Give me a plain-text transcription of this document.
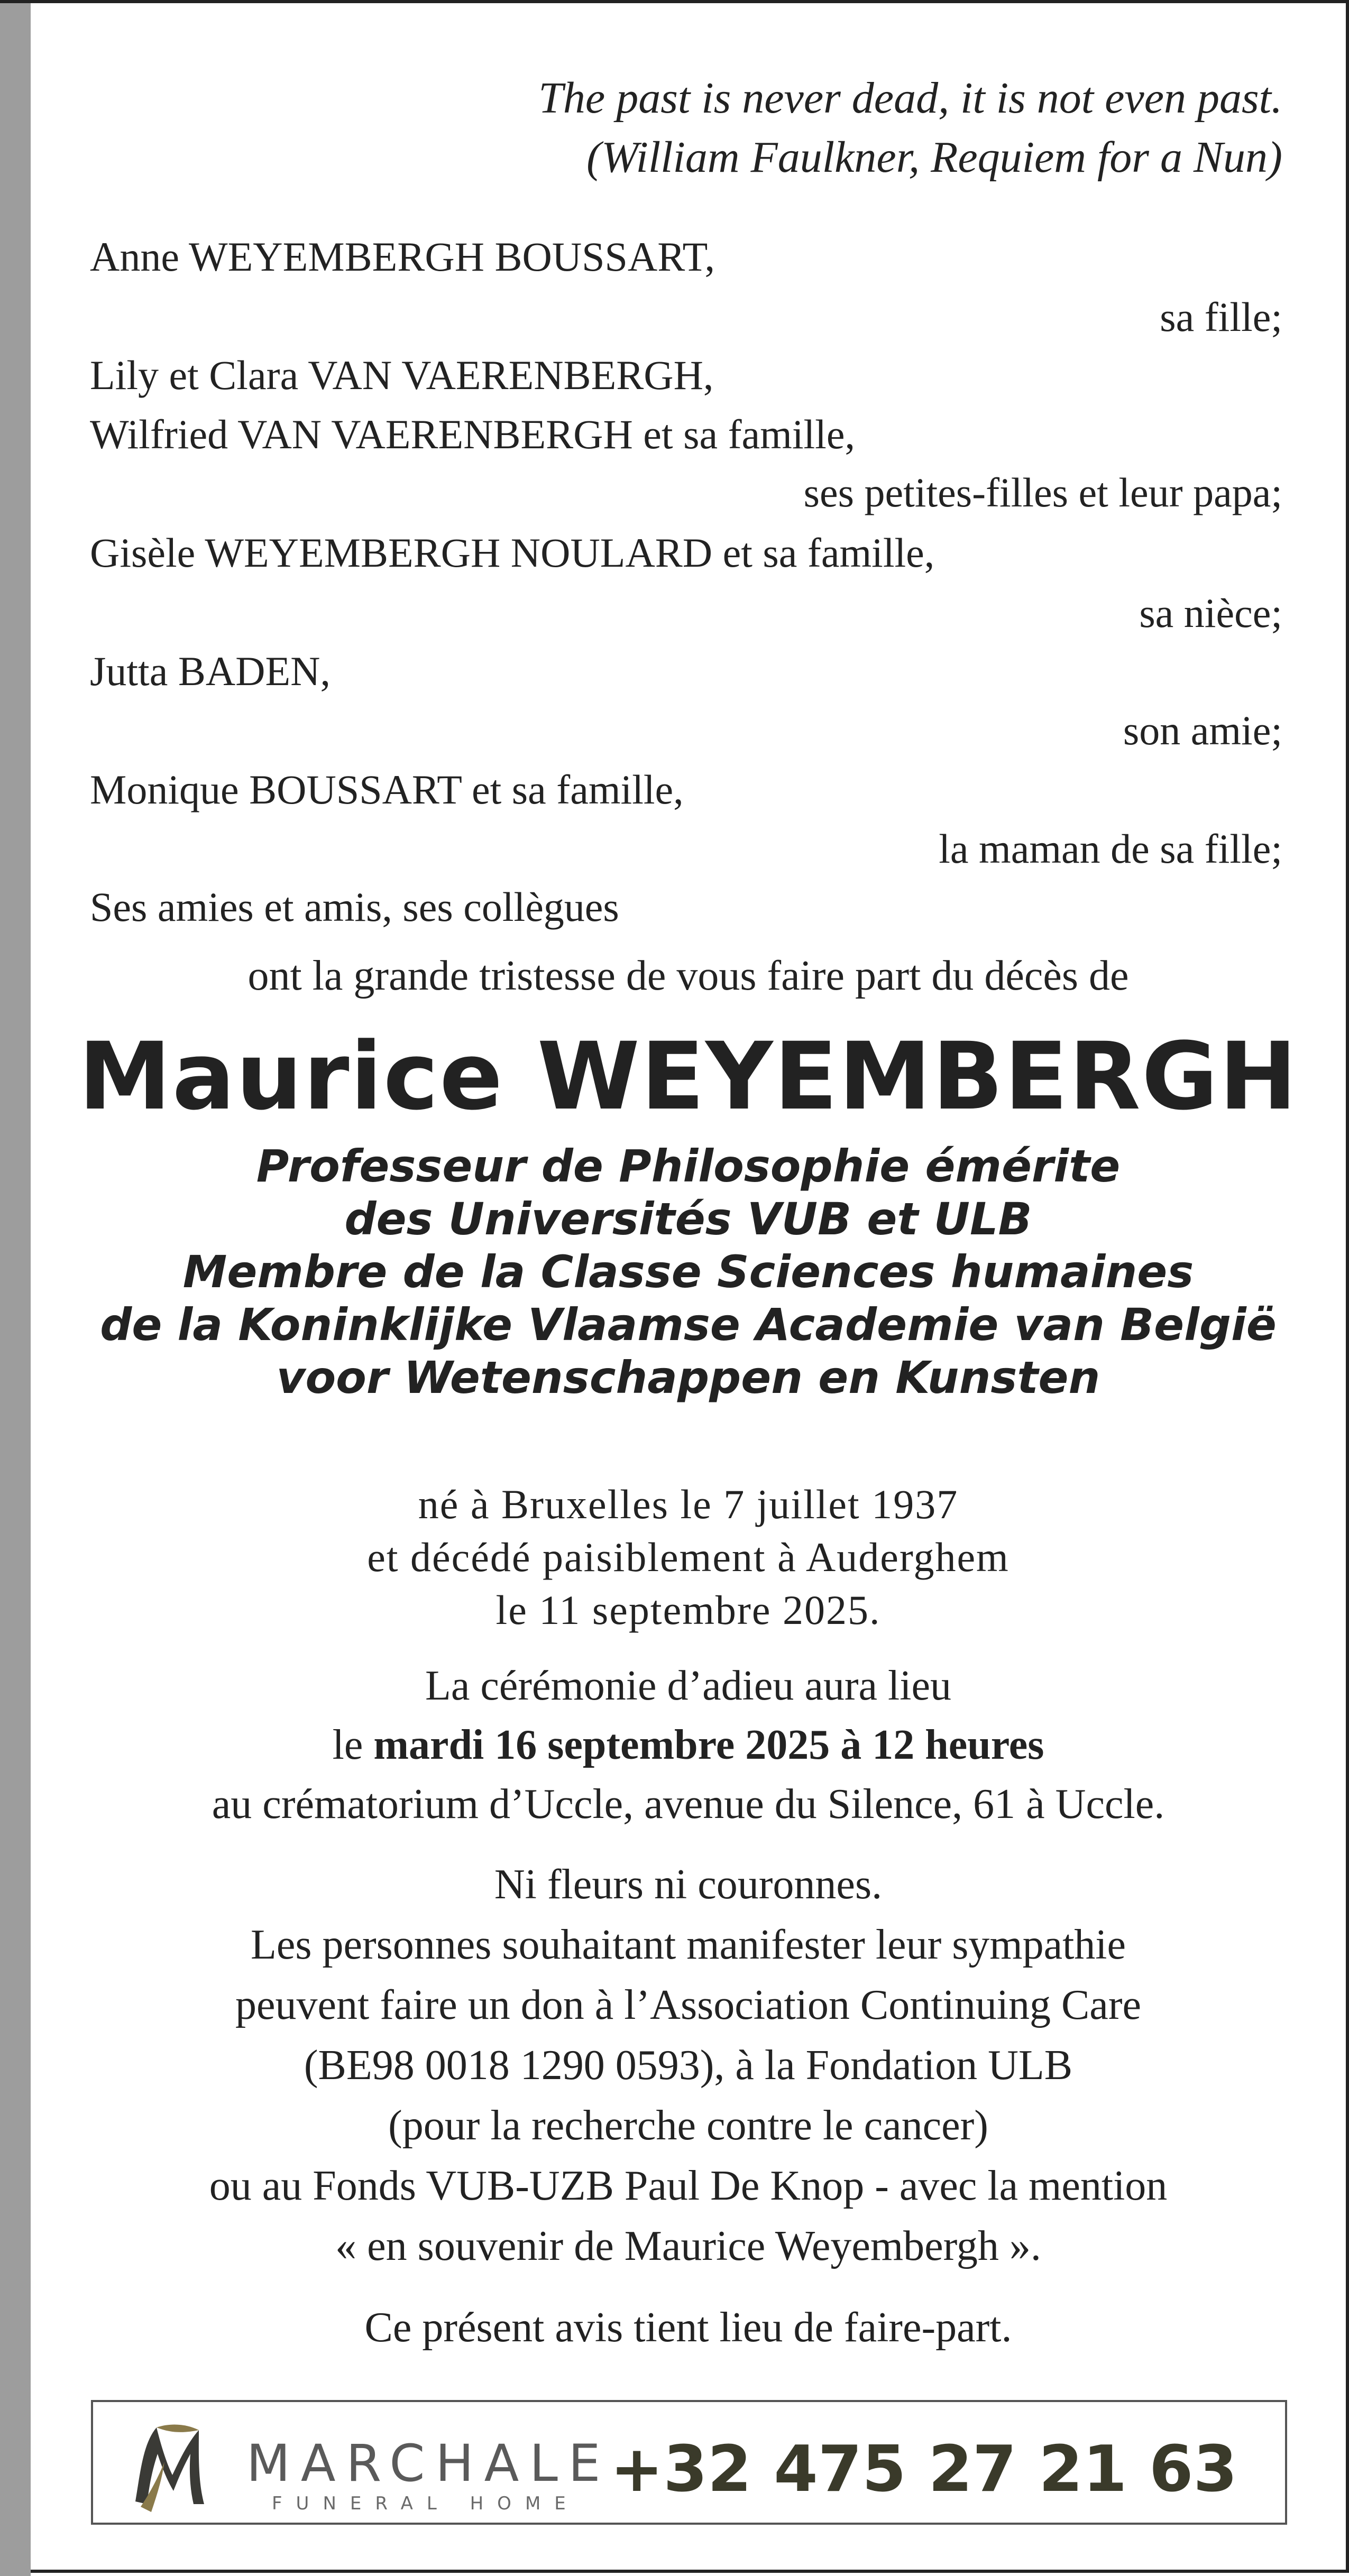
The past is never dead, it is not even past.
(William Faulkner, Requiem for a Nun)
Anne WEYEMBERGH BOUSSART,
sa fille;
Lily et Clara VAN VAERENBERGH,
Wilfried VAN VAERENBERGH et sa famille,
ses petites-filles et leur papa;
Gisèle WEYEMBERGH NOULARD et sa famille,
sa nièce;
Jutta BADEN,
son amie;
Monique BOUSSART et sa famille,
la maman de sa fille;
Ses amies et amis, ses collègues
ont la grande tristesse de vous faire part du décès de
Maurice WEYEMBERGH
Professeur de Philosophie émérite
des Universités VUB et ULB
Membre de la Classe Sciences humaines
de la Koninklijke Vlaamse Academie van België
voor Wetenschappen en Kunsten
né à Bruxelles le 7 juillet 1937
et décédé paisiblement à Auderghem
le 11 septembre 2025.
La cérémonie d’adieu aura lieu
le mardi 16 septembre 2025 à 12 heures
au crématorium d’Uccle, avenue du Silence, 61 à Uccle.
Ni fleurs ni couronnes.
Les personnes souhaitant manifester leur sympathie
peuvent faire un don à l’Association Continuing Care
(BE98 0018 1290 0593), à la Fondation ULB
(pour la recherche contre le cancer)
ou au Fonds VUB-UZB Paul De Knop - avec la mention
« en souvenir de Maurice Weyembergh ».
Ce présent avis tient lieu de faire-part.
MARCHALE
FUNERAL HOME +32 475 27 21 63
